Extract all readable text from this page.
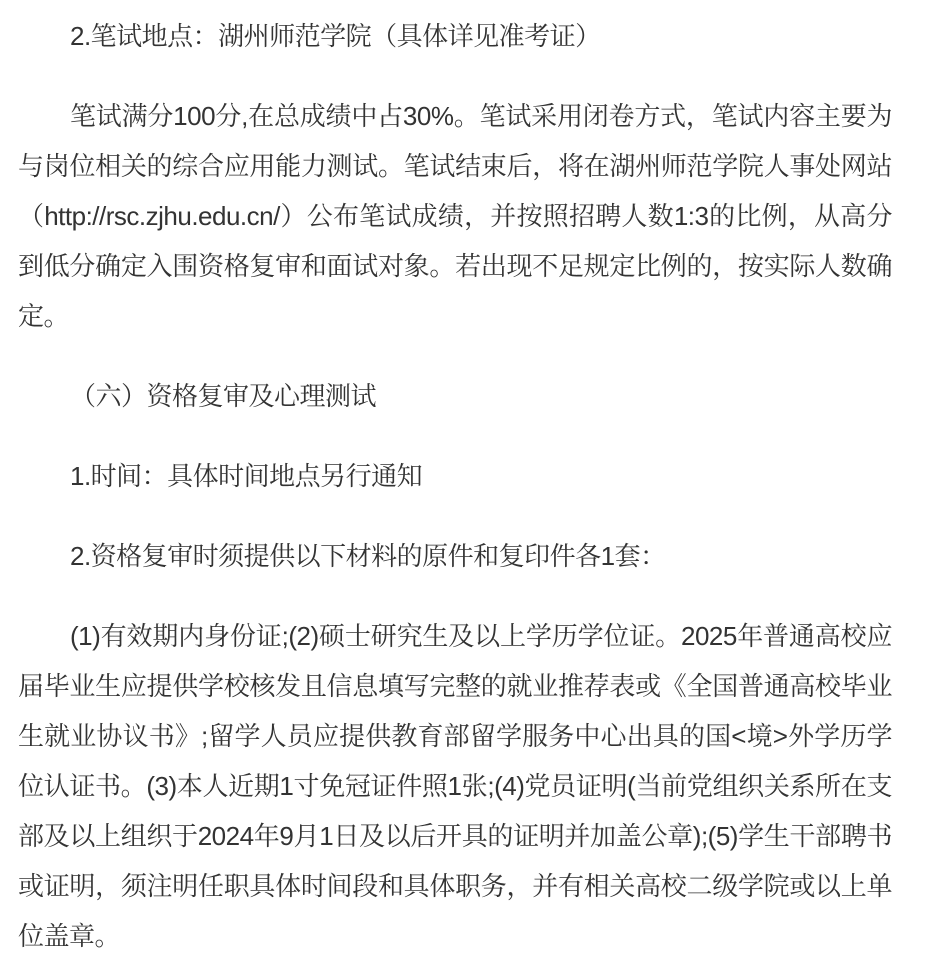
2.笔试地点：湖州师范学院（具体详见准考证）

笔试满分100分,在总成绩中占30%。笔试采用闭卷方式，笔试内容主要为与岗位相关的综合应用能力测试。笔试结束后，将在湖州师范学院人事处网站（http://rsc.zjhu.edu.cn/）公布笔试成绩，并按照招聘人数1:3的比例，从高分到低分确定入围资格复审和面试对象。若出现不足规定比例的，按实际人数确定。

（六）资格复审及心理测试

1.时间：具体时间地点另行通知

2.资格复审时须提供以下材料的原件和复印件各1套：

(1)有效期内身份证;(2)硕士研究生及以上学历学位证。2025年普通高校应届毕业生应提供学校核发且信息填写完整的就业推荐表或《全国普通高校毕业生就业协议书》;留学人员应提供教育部留学服务中心出具的国<境>外学历学位认证书。(3)本人近期1寸免冠证件照1张;(4)党员证明(当前党组织关系所在支部及以上组织于2024年9月1日及以后开具的证明并加盖公章);(5)学生干部聘书或证明，须注明任职具体时间段和具体职务，并有相关高校二级学院或以上单位盖章。
